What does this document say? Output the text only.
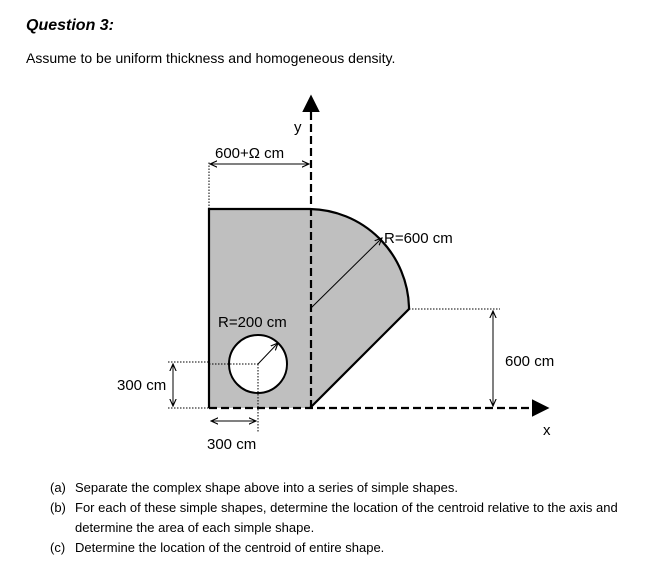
Question 3:
Assume to be uniform thickness and homogeneous density.
y
x
600+Ω cm
R=600 cm
R=200 cm
300 cm
600 cm
300 cm
(a) Separate the complex shape above into a series of simple shapes.
(b) For each of these simple shapes, determine the location of the centroid relative to the axis and determine the area of each simple shape.
(c) Determine the location of the centroid of entire shape.
